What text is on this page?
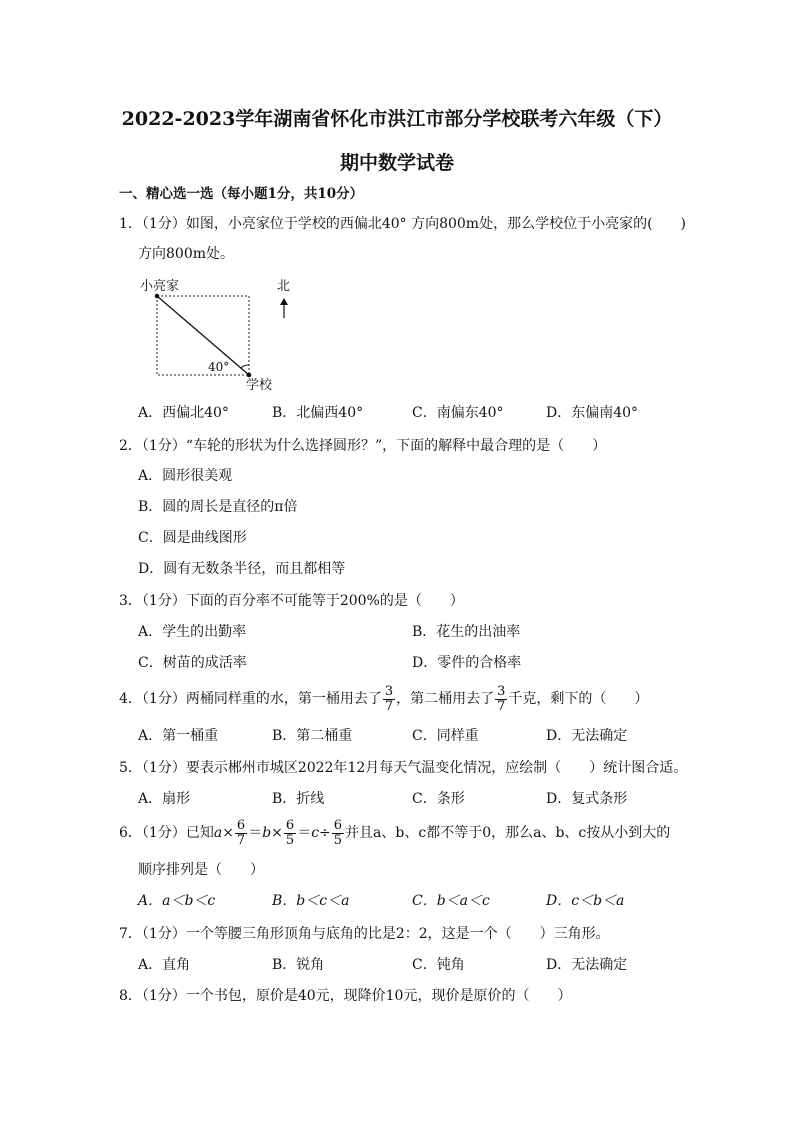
2022-2023学年湖南省怀化市洪江市部分学校联考六年级（下）
期中数学试卷
一、精心选一选（每小题1分，共10分）
1．（1分）如图，小亮家位于学校的西偏北40° 方向800m处，那么学校位于小亮家的(　　)
方向800m处。
小亮家
学校
40°
北
A．西偏北40°	B．北偏西40°	C．南偏东40°	D．东偏南40°
2．（1分）“车轮的形状为什么选择圆形？”，下面的解释中最合理的是（　　）
A．圆形很美观
B．圆的周长是直径的π倍
C．圆是曲线图形
D．圆有无数条半径，而且都相等
3．（1分）下面的百分率不可能等于200%的是（　　）
A．学生的出勤率	B．花生的出油率
C．树苗的成活率	D．零件的合格率
4．（1分）两桶同样重的水，第一桶用去了 $\frac{3}{7}$ ，第二桶用去了 $\frac{3}{7}$ 千克，剩下的（　　）
A．第一桶重	B．第二桶重	C．同样重	D．无法确定
5．（1分）要表示郴州市城区2022年12月每天气温变化情况，应绘制（　　）统计图合适。
A．扇形	B．折线	C．条形	D．复式条形
6．（1分）已知$a\times \frac{6}{7} =b\times \frac{6}{5} =c\div \frac{6}{5}$ 并且a、b、c都不等于0，那么a、b、c按从小到大的
顺序排列是（　　）
A．a＜b＜c	B．b＜c＜a	C．b＜a＜c	D．c＜b＜a
7．（1分）一个等腰三角形顶角与底角的比是2：2，这是一个（　　）三角形。
A．直角	B．锐角	C．钝角	D．无法确定
8．（1分）一个书包，原价是40元，现降价10元，现价是原价的（　　）
